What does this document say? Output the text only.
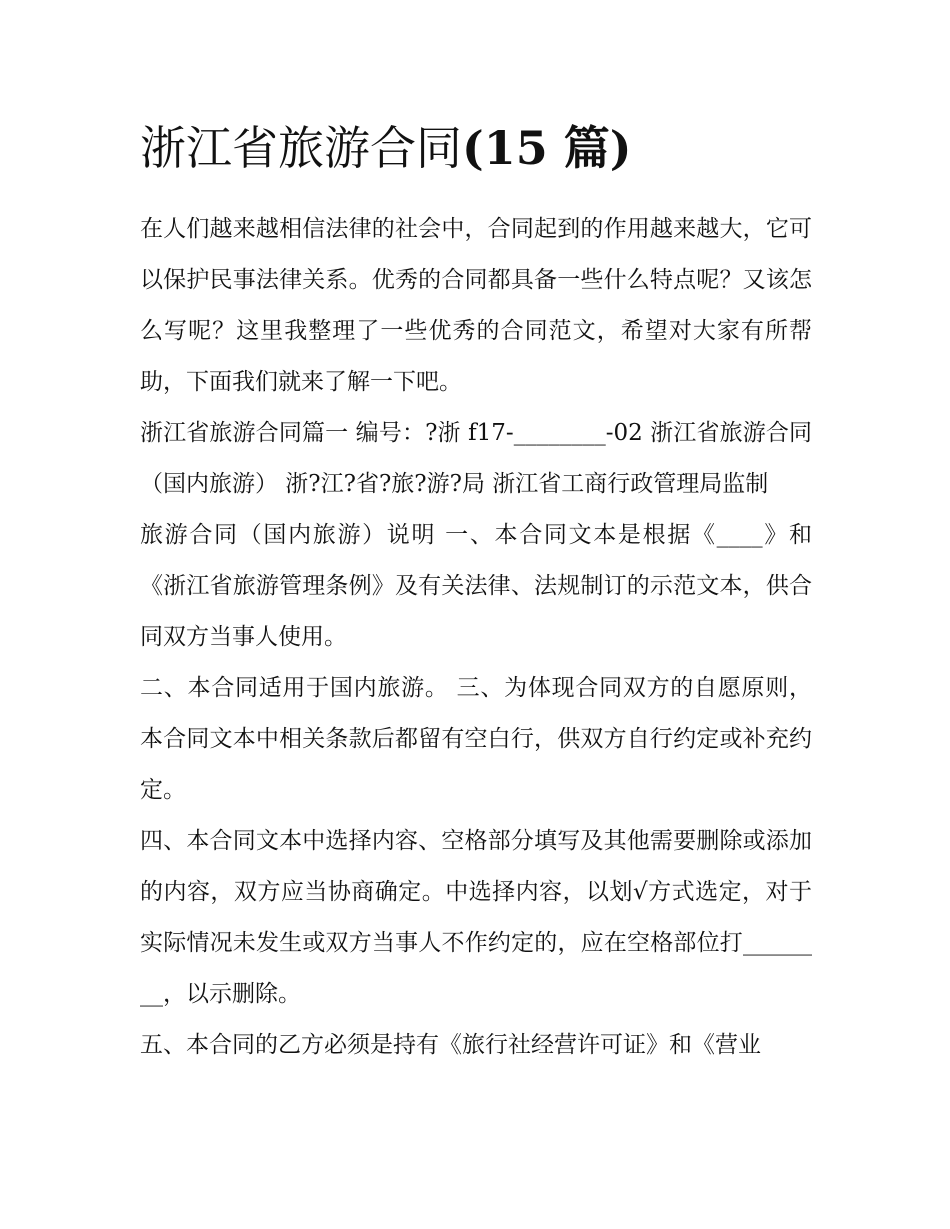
浙江省旅游合同(15 篇)

在人们越来越相信法律的社会中，合同起到的作用越来越大，它可以保护民事法律关系。优秀的合同都具备一些什么特点呢？又该怎么写呢？这里我整理了一些优秀的合同范文，希望对大家有所帮助，下面我们就来了解一下吧。

浙江省旅游合同篇一 编号：?浙 f17-________-02 浙江省旅游合同（国内旅游） 浙?江?省?旅?游?局 浙江省工商行政管理局监制

旅游合同（国内旅游）说明 一、本合同文本是根据《____》和《浙江省旅游管理条例》及有关法律、法规制订的示范文本，供合同双方当事人使用。

二、本合同适用于国内旅游。 三、为体现合同双方的自愿原则，本合同文本中相关条款后都留有空白行，供双方自行约定或补充约定。

四、本合同文本中选择内容、空格部分填写及其他需要删除或添加的内容，双方应当协商确定。中选择内容，以划√方式选定，对于实际情况未发生或双方当事人不作约定的，应在空格部位打________，以示删除。

五、本合同的乙方必须是持有《旅行社经营许可证》和《营业
